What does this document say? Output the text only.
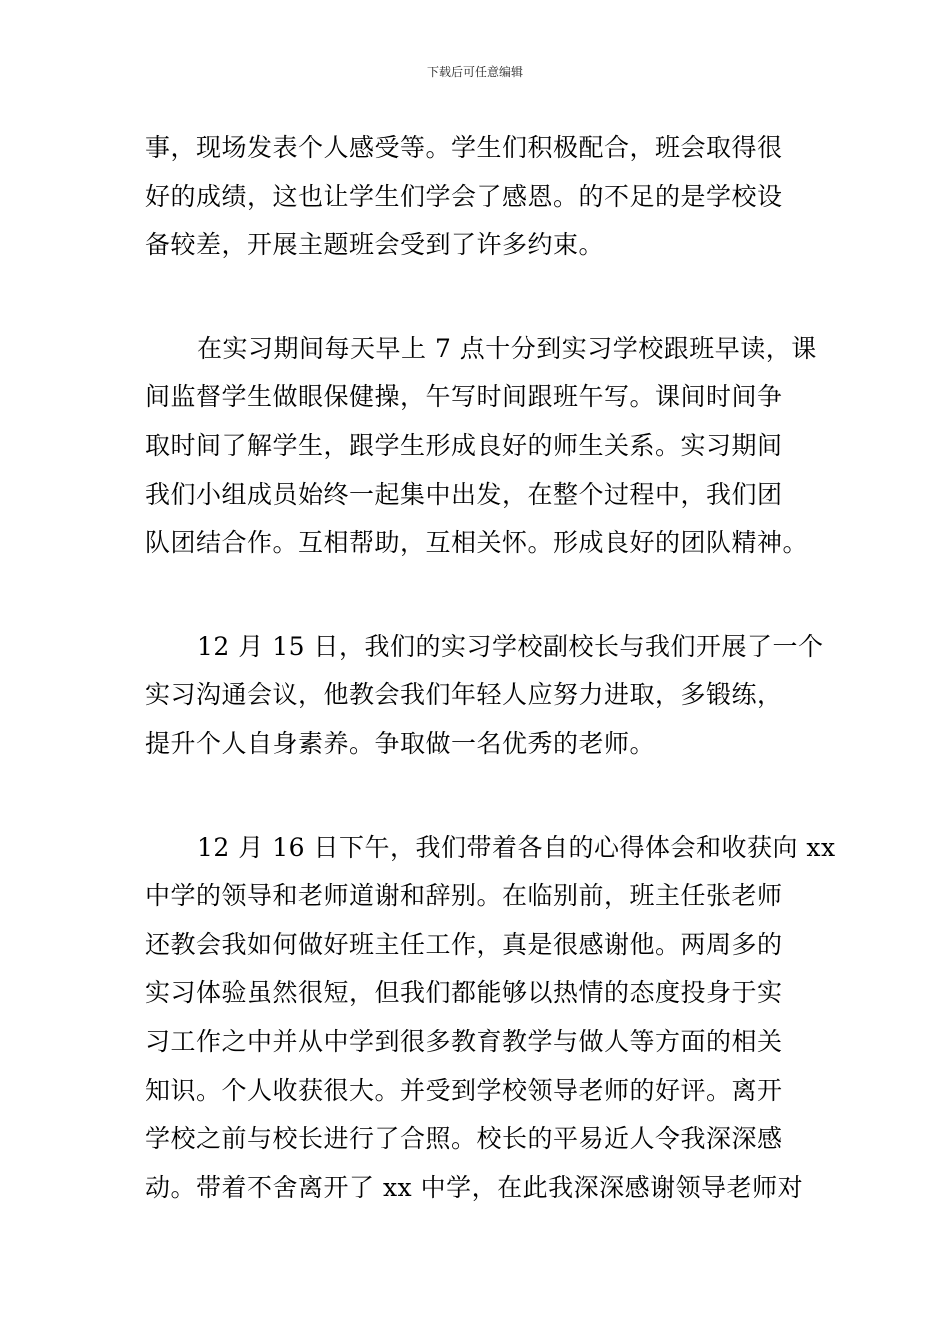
下载后可任意编辑
事，现场发表个人感受等。学生们积极配合，班会取得很
好的成绩，这也让学生们学会了感恩。的不足的是学校设
备较差，开展主题班会受到了许多约束。
在实习期间每天早上 7 点十分到实习学校跟班早读，课
间监督学生做眼保健操，午写时间跟班午写。课间时间争
取时间了解学生，跟学生形成良好的师生关系。实习期间
我们小组成员始终一起集中出发，在整个过程中，我们团
队团结合作。互相帮助，互相关怀。形成良好的团队精神。
12 月 15 日，我们的实习学校副校长与我们开展了一个
实习沟通会议，他教会我们年轻人应努力进取，多锻练，
提升个人自身素养。争取做一名优秀的老师。
12 月 16 日下午，我们带着各自的心得体会和收获向 xx
中学的领导和老师道谢和辞别。在临别前，班主任张老师
还教会我如何做好班主任工作，真是很感谢他。两周多的
实习体验虽然很短，但我们都能够以热情的态度投身于实
习工作之中并从中学到很多教育教学与做人等方面的相关
知识。个人收获很大。并受到学校领导老师的好评。离开
学校之前与校长进行了合照。校长的平易近人令我深深感
动。带着不舍离开了 xx 中学，在此我深深感谢领导老师对
